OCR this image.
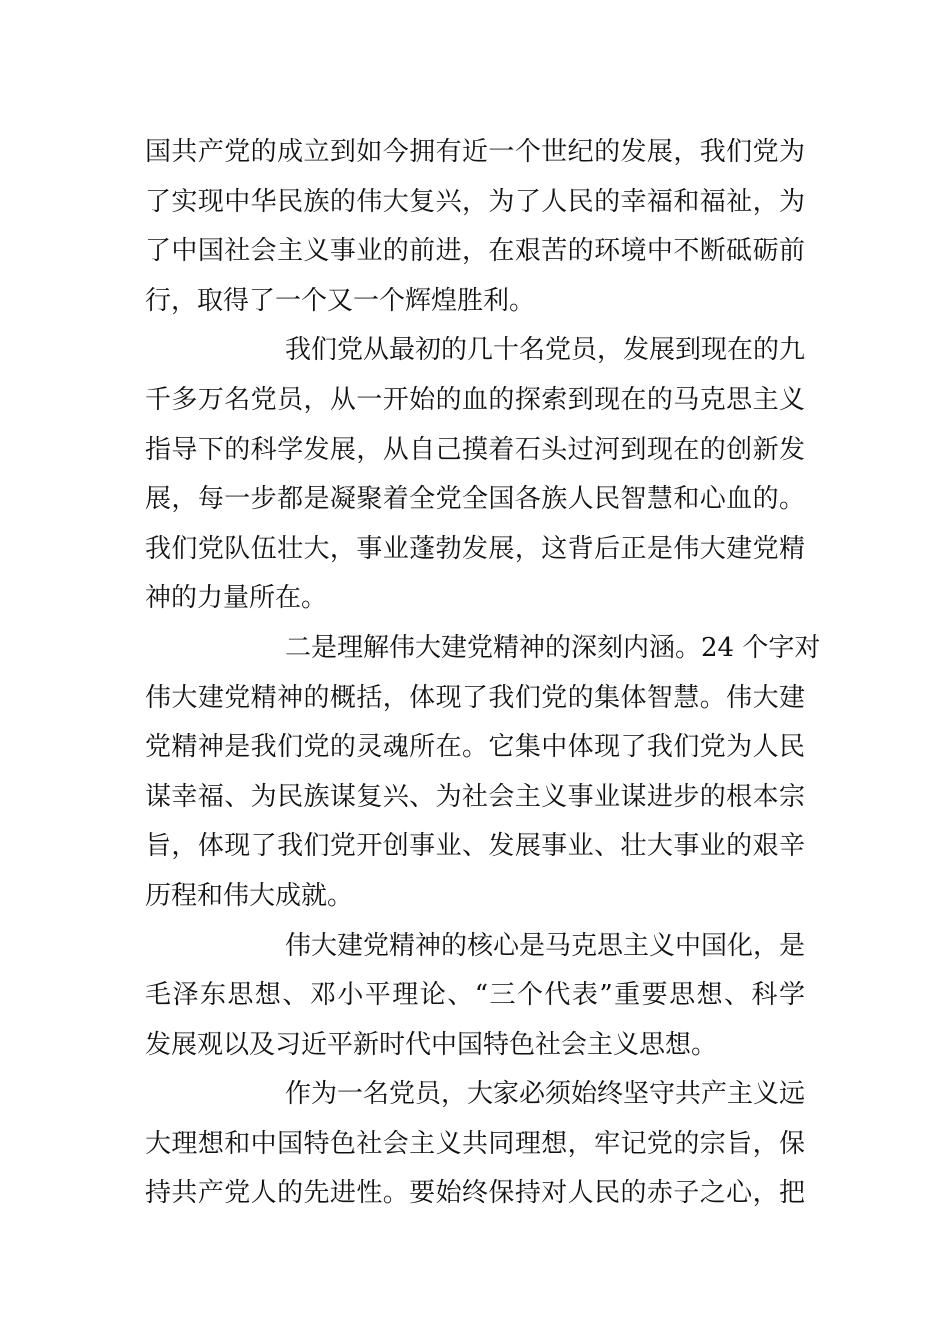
国共产党的成立到如今拥有近一个世纪的发展，我们党为
了实现中华民族的伟大复兴，为了人民的幸福和福祉，为
了中国社会主义事业的前进，在艰苦的环境中不断砥砺前
行，取得了一个又一个辉煌胜利。
我们党从最初的几十名党员，发展到现在的九
千多万名党员，从一开始的血的探索到现在的马克思主义
指导下的科学发展，从自己摸着石头过河到现在的创新发
展，每一步都是凝聚着全党全国各族人民智慧和心血的。
我们党队伍壮大，事业蓬勃发展，这背后正是伟大建党精
神的力量所在。
二是理解伟大建党精神的深刻内涵。24 个字对
伟大建党精神的概括，体现了我们党的集体智慧。伟大建
党精神是我们党的灵魂所在。它集中体现了我们党为人民
谋幸福、为民族谋复兴、为社会主义事业谋进步的根本宗
旨，体现了我们党开创事业、发展事业、壮大事业的艰辛
历程和伟大成就。
伟大建党精神的核心是马克思主义中国化，是
毛泽东思想、邓小平理论、“三个代表”重要思想、科学
发展观以及习近平新时代中国特色社会主义思想。
作为一名党员，大家必须始终坚守共产主义远
大理想和中国特色社会主义共同理想，牢记党的宗旨，保
持共产党人的先进性。要始终保持对人民的赤子之心，把
